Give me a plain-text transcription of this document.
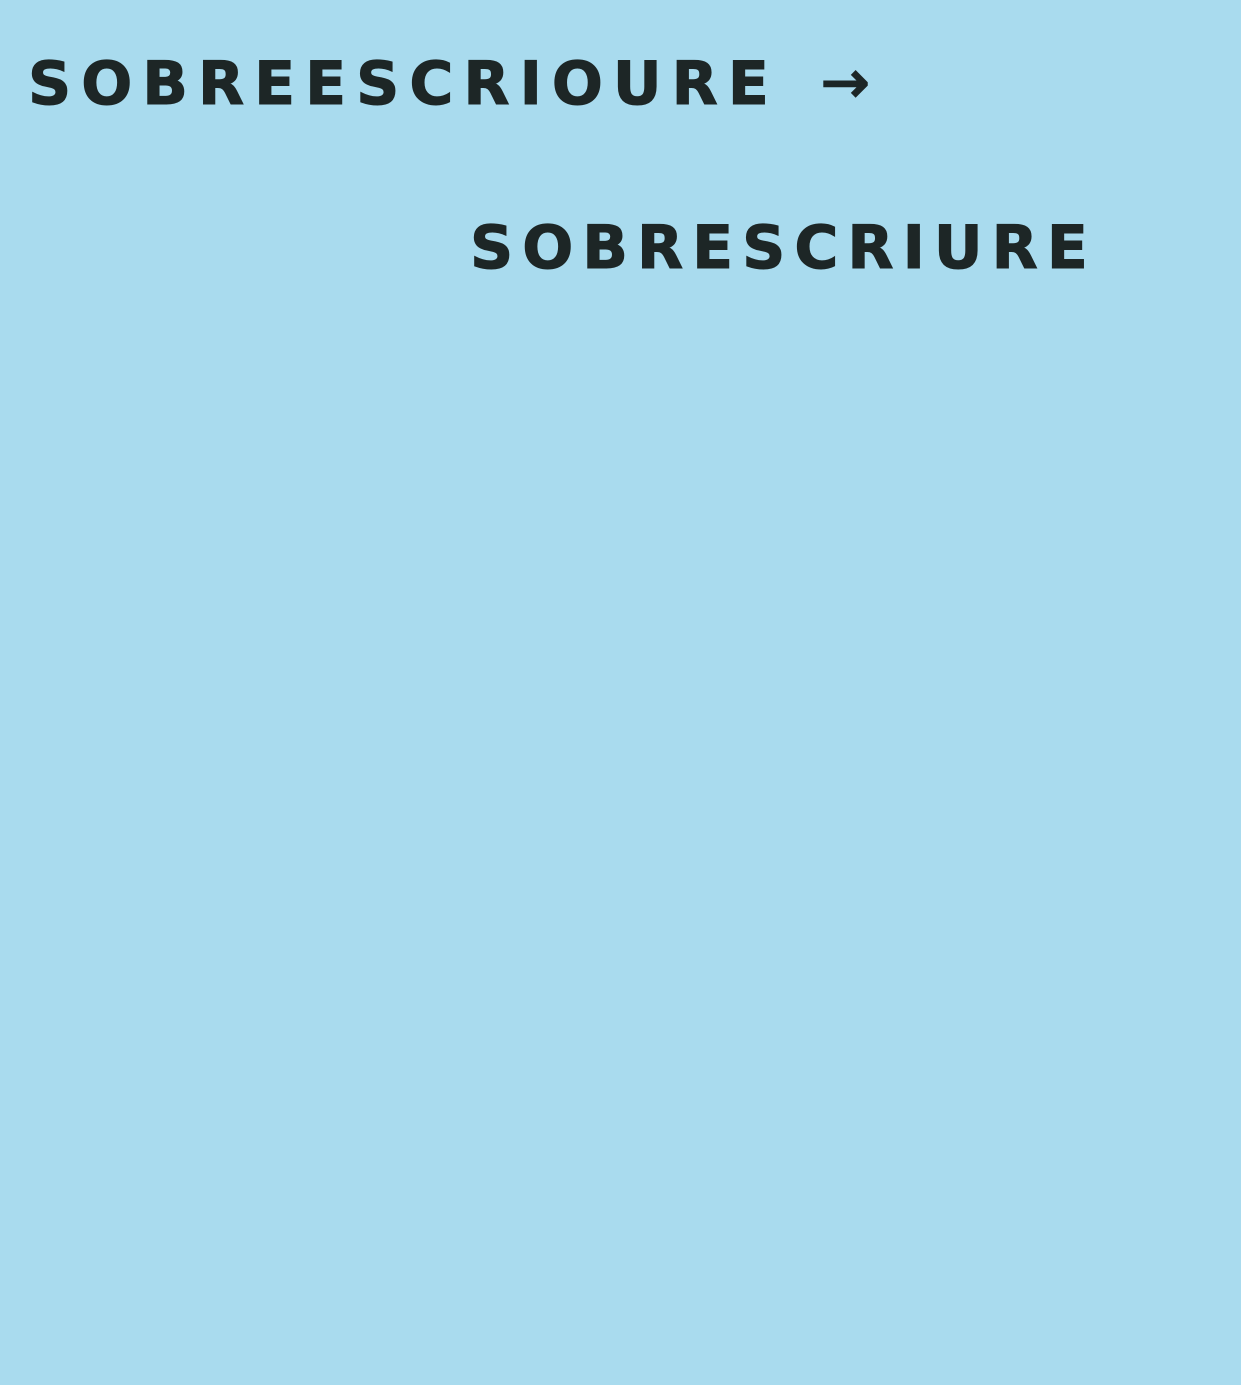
SOBREESCRIOURE →
SOBRESCRIURE
